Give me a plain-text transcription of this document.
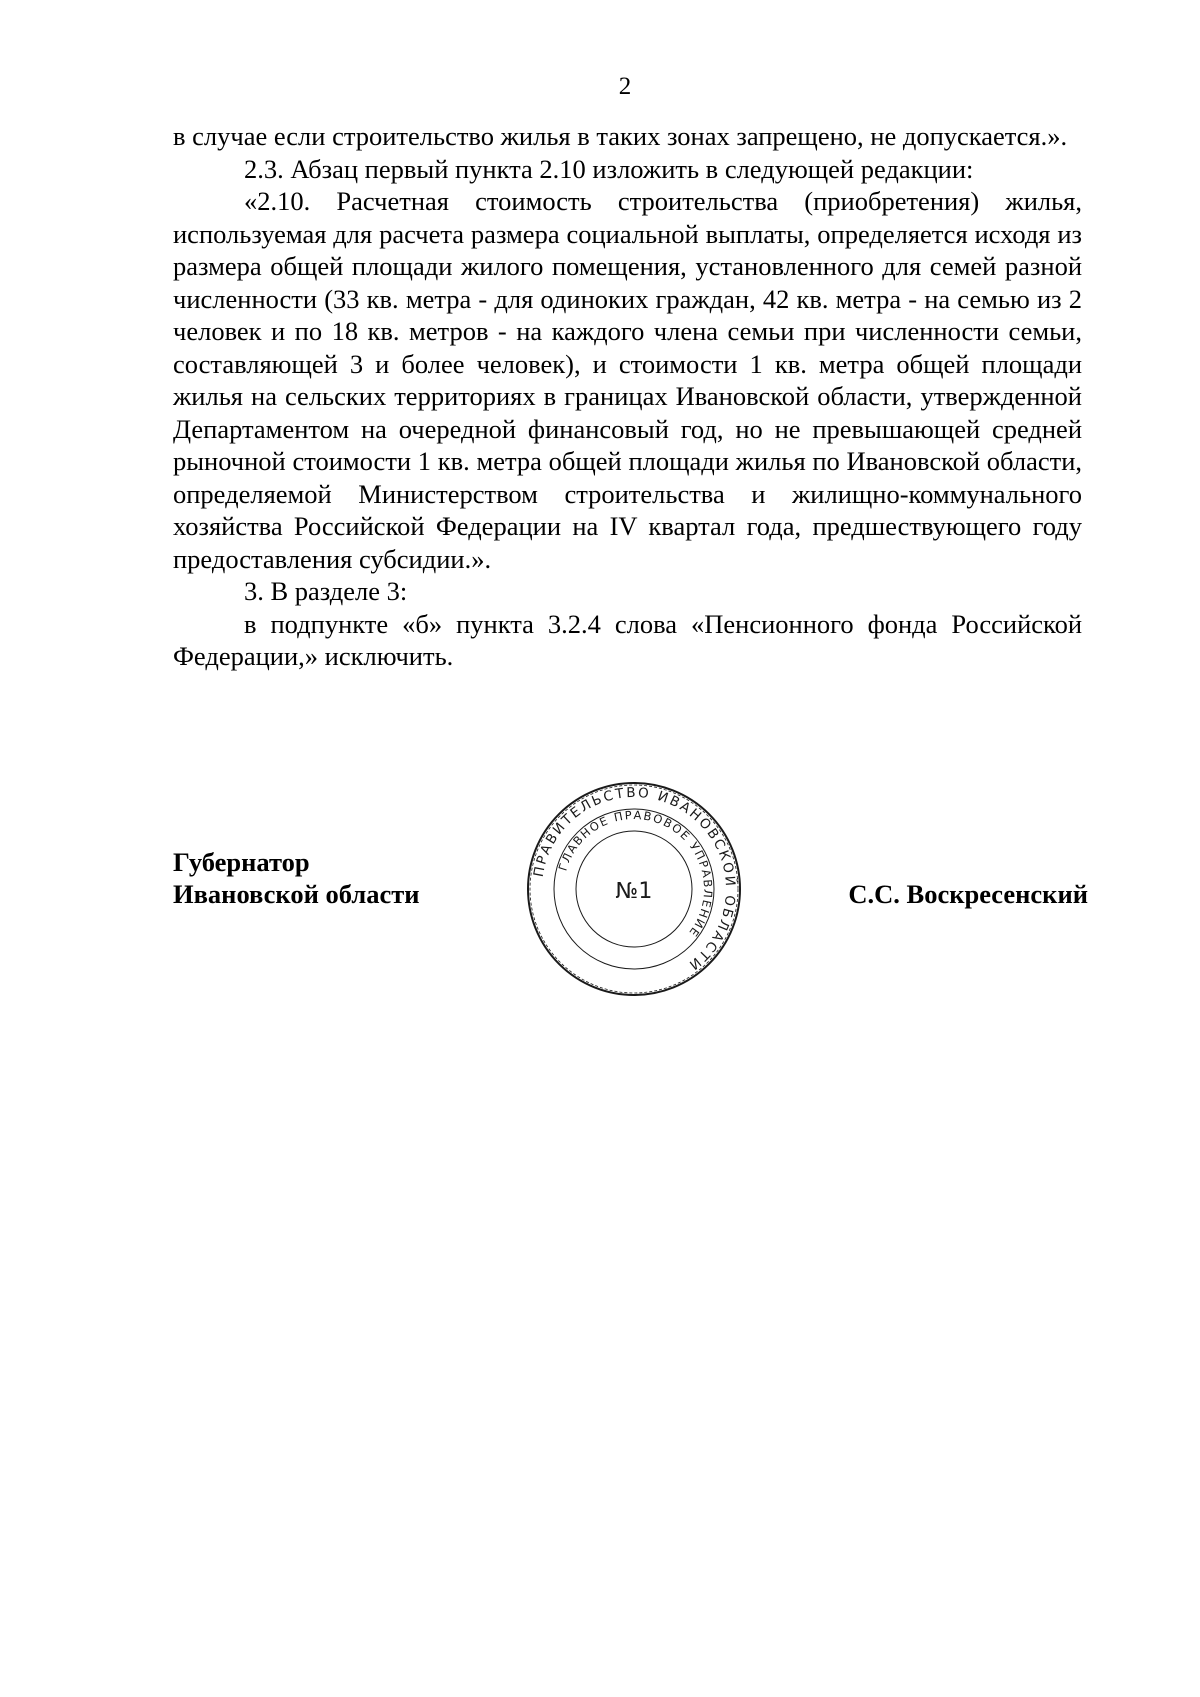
2

в случае если строительство жилья в таких зонах запрещено, не допускается.».

2.3. Абзац первый пункта 2.10 изложить в следующей редакции:

«2.10. Расчетная стоимость строительства (приобретения) жилья, используемая для расчета размера социальной выплаты, определяется исходя из размера общей площади жилого помещения, установленного для семей разной численности (33 кв. метра - для одиноких граждан, 42 кв. метра - на семью из 2 человек и по 18 кв. метров - на каждого члена семьи при численности семьи, составляющей 3 и более человек), и стоимости 1 кв. метра общей площади жилья на сельских территориях в границах Ивановской области, утвержденной Департаментом на очередной финансовый год, но не превышающей средней рыночной стоимости 1 кв. метра общей площади жилья по Ивановской области, определяемой Министерством строительства и жилищно-коммунального хозяйства Российской Федерации на IV квартал года, предшествующего году предоставления субсидии.».

3. В разделе 3:

в подпункте «б» пункта 3.2.4 слова «Пенсионного фонда Российской Федерации,» исключить.

Губернатор
Ивановской области	С.С. Воскресенский
ПРАВИТЕЛЬСТВО ИВАНОВСКОЙ ОБЛАСТИ
ГЛАВНОЕ ПРАВОВОЕ УПРАВЛЕНИЕ
№1
